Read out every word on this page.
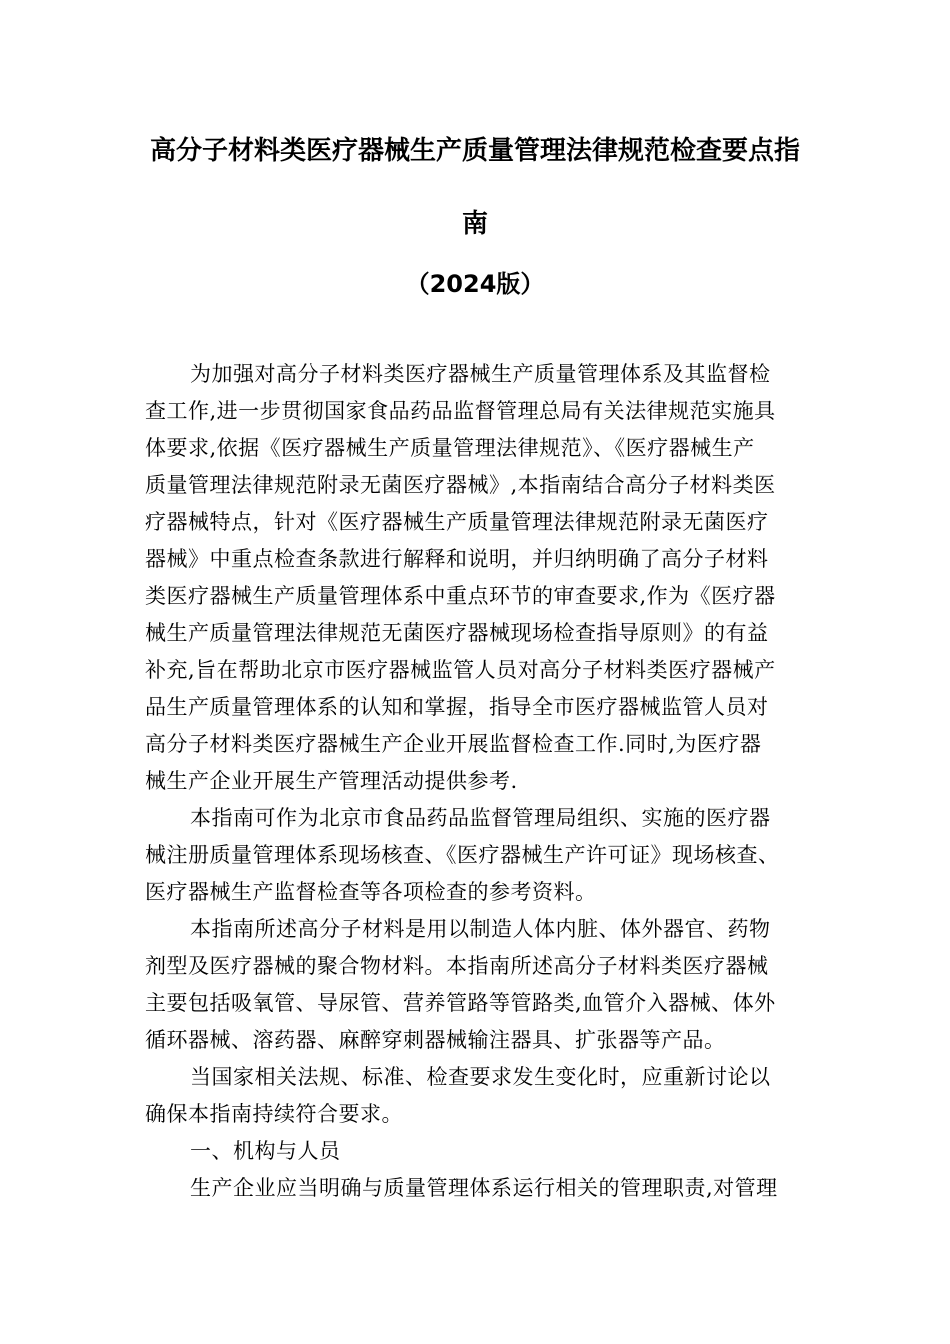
高分子材料类医疗器械生产质量管理法律规范检查要点指
南
（2024版）
为加强对高分子材料类医疗器械生产质量管理体系及其监督检
查工作,进一步贯彻国家食品药品监督管理总局有关法律规范实施具
体要求,依据《医疗器械生产质量管理法律规范》、《医疗器械生产
质量管理法律规范附录无菌医疗器械》,本指南结合高分子材料类医
疗器械特点，针对《医疗器械生产质量管理法律规范附录无菌医疗
器械》中重点检查条款进行解释和说明，并归纳明确了高分子材料
类医疗器械生产质量管理体系中重点环节的审查要求,作为《医疗器
械生产质量管理法律规范无菌医疗器械现场检查指导原则》的有益
补充,旨在帮助北京市医疗器械监管人员对高分子材料类医疗器械产
品生产质量管理体系的认知和掌握，指导全市医疗器械监管人员对
高分子材料类医疗器械生产企业开展监督检查工作.同时,为医疗器
械生产企业开展生产管理活动提供参考.
本指南可作为北京市食品药品监督管理局组织、实施的医疗器
械注册质量管理体系现场核查、《医疗器械生产许可证》现场核查、
医疗器械生产监督检查等各项检查的参考资料。
本指南所述高分子材料是用以制造人体内脏、体外器官、药物
剂型及医疗器械的聚合物材料。本指南所述高分子材料类医疗器械
主要包括吸氧管、导尿管、营养管路等管路类,血管介入器械、体外
循环器械、溶药器、麻醉穿刺器械输注器具、扩张器等产品。
当国家相关法规、标准、检查要求发生变化时，应重新讨论以
确保本指南持续符合要求。
一、机构与人员
生产企业应当明确与质量管理体系运行相关的管理职责,对管理
